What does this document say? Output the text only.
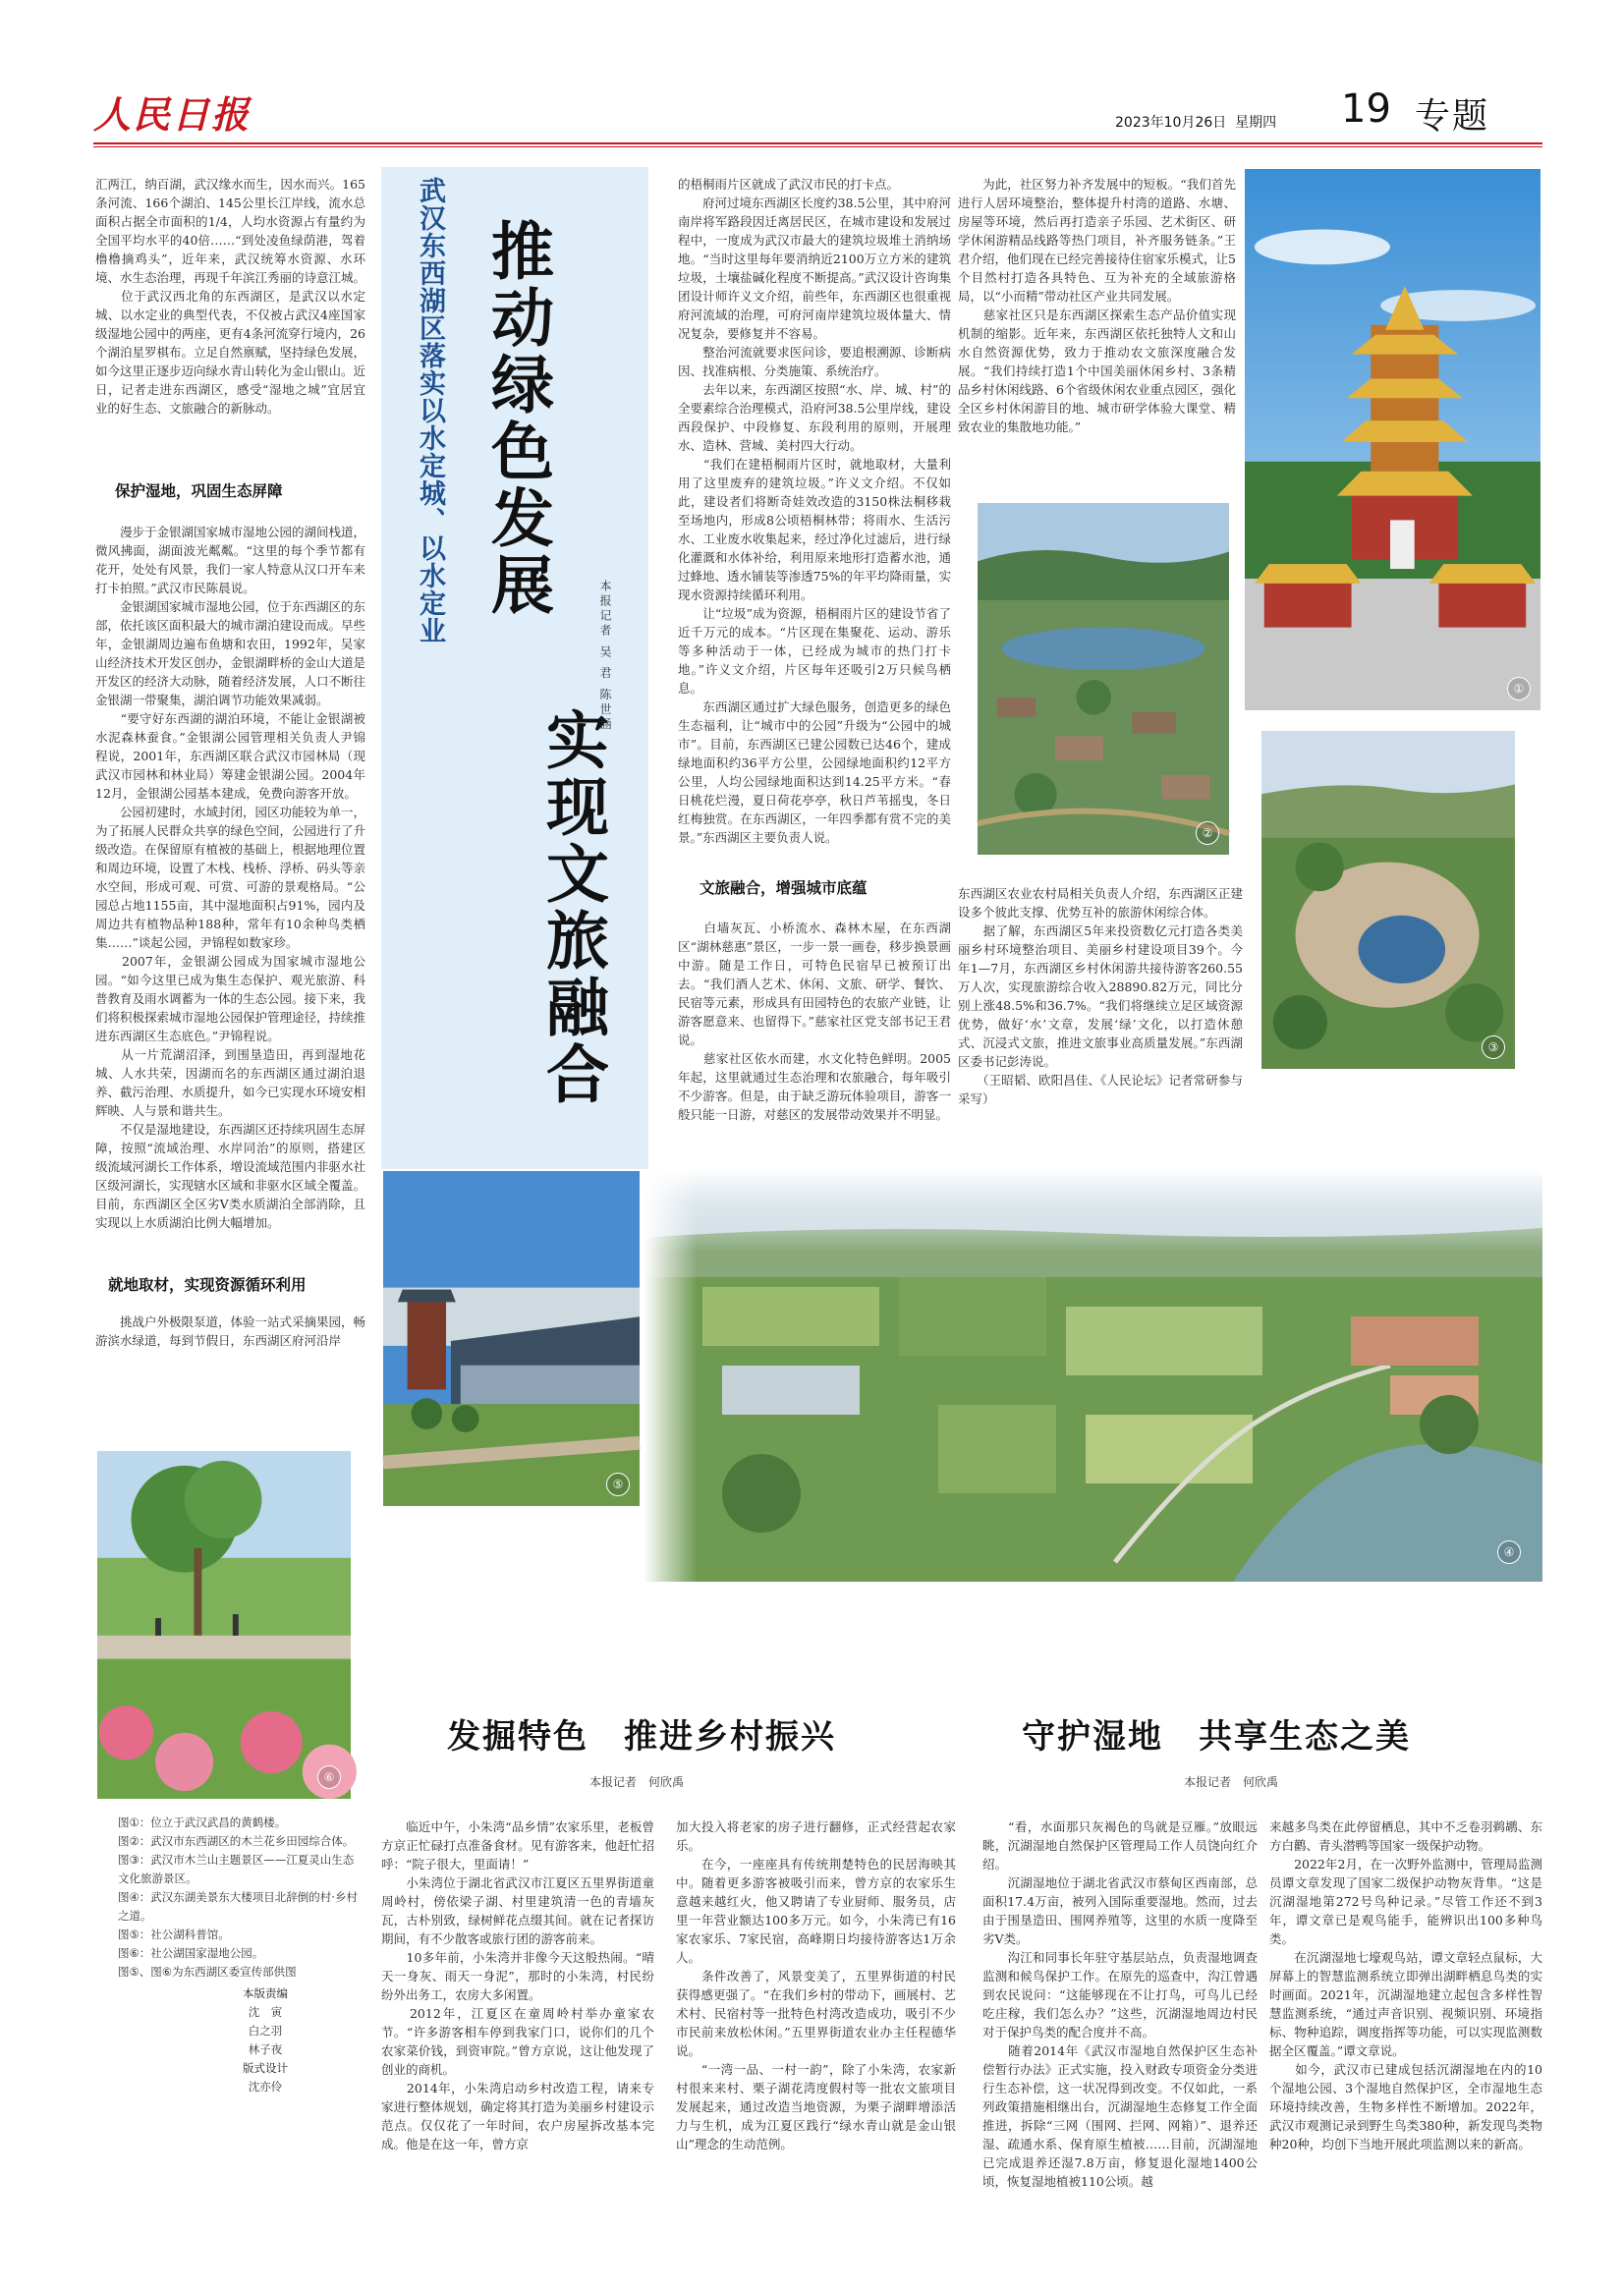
人民日报	2023年10月26日 星期四 19 专题
汇两江，纳百湖，武汉缘水而生，因水而兴。165条河流、166个湖泊、145公里长江岸线，流水总面积占据全市面积的1/4，人均水资源占有量约为全国平均水平的40倍……“到处凌鱼绿荫港，驾着橹橹摘鸡头”，近年来，武汉统筹水资源、水环境、水生态治理，再现千年滨江秀丽的诗意江城。
　　位于武汉西北角的东西湖区，是武汉以水定城、以水定业的典型代表，不仅被占武汉4座国家级湿地公园中的两座，更有4条河流穿行境内，26个湖泊星罗棋布。立足自然禀赋，坚持绿色发展，如今这里正逐步迈向绿水青山转化为金山银山。近日，记者走进东西湖区，感受“湿地之城”宜居宜业的好生态、文旅融合的新脉动。
保护湿地，巩固生态屏障
　　漫步于金银湖国家城市湿地公园的湖间栈道，微风拂面，湖面波光粼粼。“这里的每个季节都有花开，处处有风景，我们一家人特意从汉口开车来打卡拍照。”武汉市民陈晨说。
　　金银湖国家城市湿地公园，位于东西湖区的东部，依托该区面积最大的城市湖泊建设而成。早些年，金银湖周边遍布鱼塘和农田，1992年，吴家山经济技术开发区创办，金银湖畔桥的金山大道是开发区的经济大动脉，随着经济发展，人口不断往金银湖一带聚集，湖泊调节功能效果减弱。
　　“要守好东西湖的湖泊环境，不能让金银湖被水泥森林蚕食。”金银湖公园管理相关负责人尹锦程说，2001年，东西湖区联合武汉市园林局（现武汉市园林和林业局）筹建金银湖公园。2004年12月，金银湖公园基本建成，免费向游客开放。
　　公园初建时，水域封闭，园区功能较为单一，为了拓展人民群众共享的绿色空间，公园进行了升级改造。在保留原有植被的基础上，根据地理位置和周边环境，设置了木栈、栈桥、浮桥、码头等亲水空间，形成可观、可赏、可游的景观格局。“公园总占地1155亩，其中湿地面积占91%，园内及周边共有植物品种188种，常年有10余种鸟类栖集……”谈起公园，尹锦程如数家珍。
　　2007年，金银湖公园成为国家城市湿地公园。“如今这里已成为集生态保护、观光旅游、科普教育及雨水调蓄为一体的生态公园。接下来，我们将积极探索城市湿地公园保护管理途径，持续推进东西湖区生态底色。”尹锦程说。
　　从一片荒湖沼泽，到围垦造田，再到湿地花城、人水共荣，因湖而名的东西湖区通过湖泊退养、截污治理、水质提升，如今已实现水环境安相辉映、人与景和谐共生。
　　不仅是湿地建设，东西湖区还持续巩固生态屏障，按照“流域治理、水岸同治”的原则，搭建区级流域河湖长工作体系，增设流域范围内非驱水社区级河湖长，实现辖水区域和非驱水区域全覆盖。目前，东西湖区全区劣V类水质湖泊全部消除，且实现以上水质湖泊比例大幅增加。
就地取材，实现资源循环利用
　　挑战户外极限泵道，体验一站式采摘果园，畅游滨水绿道，每到节假日，东西湖区府河沿岸
武汉东西湖区落实以水定城、以水定业 推动绿色发展
实现文旅融合
本报记者 吴 君 陈世涵
的梧桐雨片区就成了武汉市民的打卡点。
　　府河过境东西湖区长度约38.5公里，其中府河南岸将军路段因迁离居民区，在城市建设和发展过程中，一度成为武汉市最大的建筑垃圾堆土消纳场地。“当时这里每年要消纳近2100万立方米的建筑垃圾，土壤盐碱化程度不断提高。”武汉设计咨询集团设计师许义文介绍，前些年，东西湖区也很重视府河流域的治理，可府河南岸建筑垃圾体量大、情况复杂，要修复并不容易。
　　整治河流就要求医问诊，要追根溯源、诊断病因、找准病根、分类施策、系统治疗。
　　去年以来，东西湖区按照“水、岸、城、村”的全要素综合治理模式，沿府河38.5公里岸线，建设西段保护、中段修复、东段利用的原则，开展理水、造林、营城、美村四大行动。
　　“我们在建梧桐雨片区时，就地取材，大量利用了这里废弃的建筑垃圾。”许义文介绍。不仅如此，建设者们将断奇娃效改造的3150株法桐移栽至场地内，形成8公顷梧桐林带；将雨水、生活污水、工业废水收集起来，经过净化过滤后，进行绿化灌溉和水体补给，利用原来地形打造蓄水池，通过蜂地、透水铺装等渗透75%的年平均降雨量，实现水资源持续循环利用。
　　让“垃圾”成为资源，梧桐雨片区的建设节省了近千万元的成本。“片区现在集聚花、运动、游乐等多种活动于一体，已经成为城市的热门打卡地。”许义文介绍，片区每年还吸引2万只候鸟栖息。
　　东西湖区通过扩大绿色服务，创造更多的绿色生态福利，让“城市中的公园”升级为“公园中的城市”。目前，东西湖区已建公园数已达46个，建成绿地面积约36平方公里，公园绿地面积约12平方公里，人均公园绿地面积达到14.25平方米。“春日桃花烂漫，夏日荷花亭亭，秋日芦苇摇曳，冬日红梅独赏。在东西湖区，一年四季都有赏不完的美景。”东西湖区主要负责人说。
文旅融合，增强城市底蕴
　　白墙灰瓦、小桥流水、森林木屋，在东西湖区“湖林慈惠”景区，一步一景一画卷，移步换景画中游。随是工作日，可特色民宿早已被预订出去。“我们酒人艺术、休闲、文旅、研学、餐饮、民宿等元素，形成具有田园特色的农旅产业链，让游客愿意来、也留得下。”慈家社区党支部书记王君说。
　　慈家社区依水而建，水文化特色鲜明。2005年起，这里就通过生态治理和农旅融合，每年吸引不少游客。但是，由于缺乏游玩体验项目，游客一般只能一日游，对慈区的发展带动效果并不明显。
　　为此，社区努力补齐发展中的短板。“我们首先进行人居环境整治，整体提升村湾的道路、水塘、房屋等环境，然后再打造亲子乐园、艺术街区、研学休闲游精品线路等热门项目，补齐服务链条。”王君介绍，他们现在已经完善接待住宿家乐模式，让5个目然村打造各具特色、互为补充的全域旅游格局，以“小而精”带动社区产业共同发展。
　　慈家社区只是东西湖区探索生态产品价值实现机制的缩影。近年来，东西湖区依托独特人文和山水自然资源优势，致力于推动农文旅深度融合发展。“我们持续打造1个中国美丽休闲乡村、3条精品乡村休闲线路、6个省级休闲农业重点园区，强化全区乡村休闲游目的地、城市研学体验大课堂、精致农业的集散地功能。”
东西湖区农业农村局相关负责人介绍，东西湖区正建设多个彼此支撑、优势互补的旅游休闲综合体。
　　据了解，东西湖区5年来投资数亿元打造各类美丽乡村环境整治项目、美丽乡村建设项目39个。今年1—7月，东西湖区乡村休闲游共接待游客260.55万人次，实现旅游综合收入28890.82万元，同比分别上涨48.5%和36.7%。“我们将继续立足区域资源优势，做好‘水’文章，发展‘绿’文化，以打造休憩式、沉浸式文旅，推进文旅事业高质量发展。”东西湖区委书记彭涛说。
　　（王昭韬、欧阳昌佳、《人民论坛》记者常研参与采写）
①
②
③
④
⑤
⑥
发掘特色　推进乡村振兴
本报记者　何欣禹
　　临近中午，小朱湾“品乡情”农家乐里，老板曾方京正忙碌打点准备食材。见有游客来，他赶忙招呼：“院子很大，里面请！”
　　小朱湾位于湖北省武汉市江夏区五里界街道童周岭村，傍依梁子湖、村里建筑清一色的青墙灰瓦，古朴别致，绿树鲜花点缀其间。就在记者探访期间，有不少散客或旅行团的游客前来。
　　10多年前，小朱湾并非像今天这般热闹。“晴天一身灰、雨天一身泥”，那时的小朱湾，村民纷纷外出务工，农房大多闲置。
　　2012年，江夏区在童周岭村举办童家农节。“许多游客相车停到我家门口，说你们的几个农家菜价钱，到资审院。”曾方京说，这让他发现了创业的商机。
　　2014年，小朱湾启动乡村改造工程，请来专家进行整体规划，确定将其打造为美丽乡村建设示范点。仅仅花了一年时间，农户房屋拆改基本完成。他是在这一年，曾方京
加大投入将老家的房子进行翻修，正式经营起农家乐。
　　在今，一座座具有传统荆楚特色的民居海映其中。随着更多游客被吸引而来，曾方京的农家乐生意越来越红火，他又聘请了专业厨师、服务员，店里一年营业额达100多万元。如今，小朱湾已有16家农家乐、7家民宿，高峰期日均接待游客达1万余人。
　　条件改善了，风景变美了，五里界街道的村民获得感更强了。“在我们乡村的带动下，画展村、艺术村、民宿村等一批特色村湾改造成功，吸引不少市民前来放松休闲。”五里界街道农业办主任程德华说。
　　“一湾一品、一村一韵”，除了小朱湾，农家新村很来来村、栗子湖花湾度假村等一批农文旅项目发展起来，通过改造当地资源，为栗子湖畔增添活力与生机，成为江夏区践行“绿水青山就是金山银山”理念的生动范例。
图①：位立于武汉武昌的黄鹤楼。
图②：武汉市东西湖区的木兰花乡田园综合体。
图③：武汉市木兰山主题景区——江夏灵山生态文化旅游景区。
图④：武汉东湖美景东大楼项目北辞倒的村·乡村之道。
图⑤：社公湖科普馆。
图⑥：社公湖国家湿地公园。
图⑤、图⑥为东西湖区委宣传部供图
本版责编
沈　寅
白之羽
林子夜
版式设计
沈亦伶
守护湿地　共享生态之美
本报记者　何欣禹
　　“看，水面那只灰褐色的鸟就是豆雁。”放眼远眺，沉湖湿地自然保护区管理局工作人员饶向红介绍。
　　沉湖湿地位于湖北省武汉市蔡甸区西南部，总面积17.4万亩，被列入国际重要湿地。然而，过去由于围垦造田、围网养殖等，这里的水质一度降至劣V类。
　　沟江和同事长年驻守基层站点，负责湿地调查监测和候鸟保护工作。在原先的巡查中，沟江曾遇到农民说问：“这能够现在不让打鸟，可鸟儿已经吃庄稼，我们怎么办？”这些，沉湖湿地周边村民对于保护鸟类的配合度并不高。
　　随着2014年《武汉市湿地自然保护区生态补偿暂行办法》正式实施，投入财政专项资金分类进行生态补偿，这一状况得到改变。不仅如此，一系列政策措施相继出台，沉湖湿地生态修复工作全面推进，拆除“三网（围网、拦网、网箱）”、退养还湿、疏通水系、保育原生植被……目前，沉湖湿地已完成退养还湿7.8万亩，修复退化湿地1400公顷，恢复湿地植被110公顷。越
来越多鸟类在此停留栖息，其中不乏卷羽鹈鹕、东方白鹳、青头潜鸭等国家一级保护动物。
　　2022年2月，在一次野外监测中，管理局监测员谭文章发现了国家二级保护动物灰背隼。“这是沉湖湿地第272号鸟种记录。”尽管工作还不到3年，谭文章已是观鸟能手，能辨识出100多种鸟类。
　　在沉湖湿地七壕观鸟站，谭文章轻点鼠标，大屏幕上的智慧监测系统立即弹出湖畔栖息鸟类的实时画面。2021年，沉湖湿地建立起包含多样性智慧监测系统，“通过声音识别、视频识别、环境指标、物种追踪，调度指挥等功能，可以实现监测数据全区覆盖。”谭文章说。
　　如今，武汉市已建成包括沉湖湿地在内的10个湿地公园、3个湿地自然保护区，全市湿地生态环境持续改善，生物多样性不断增加。2022年，武汉市观测记录到野生鸟类380种，新发现鸟类物种20种，均创下当地开展此项监测以来的新高。
